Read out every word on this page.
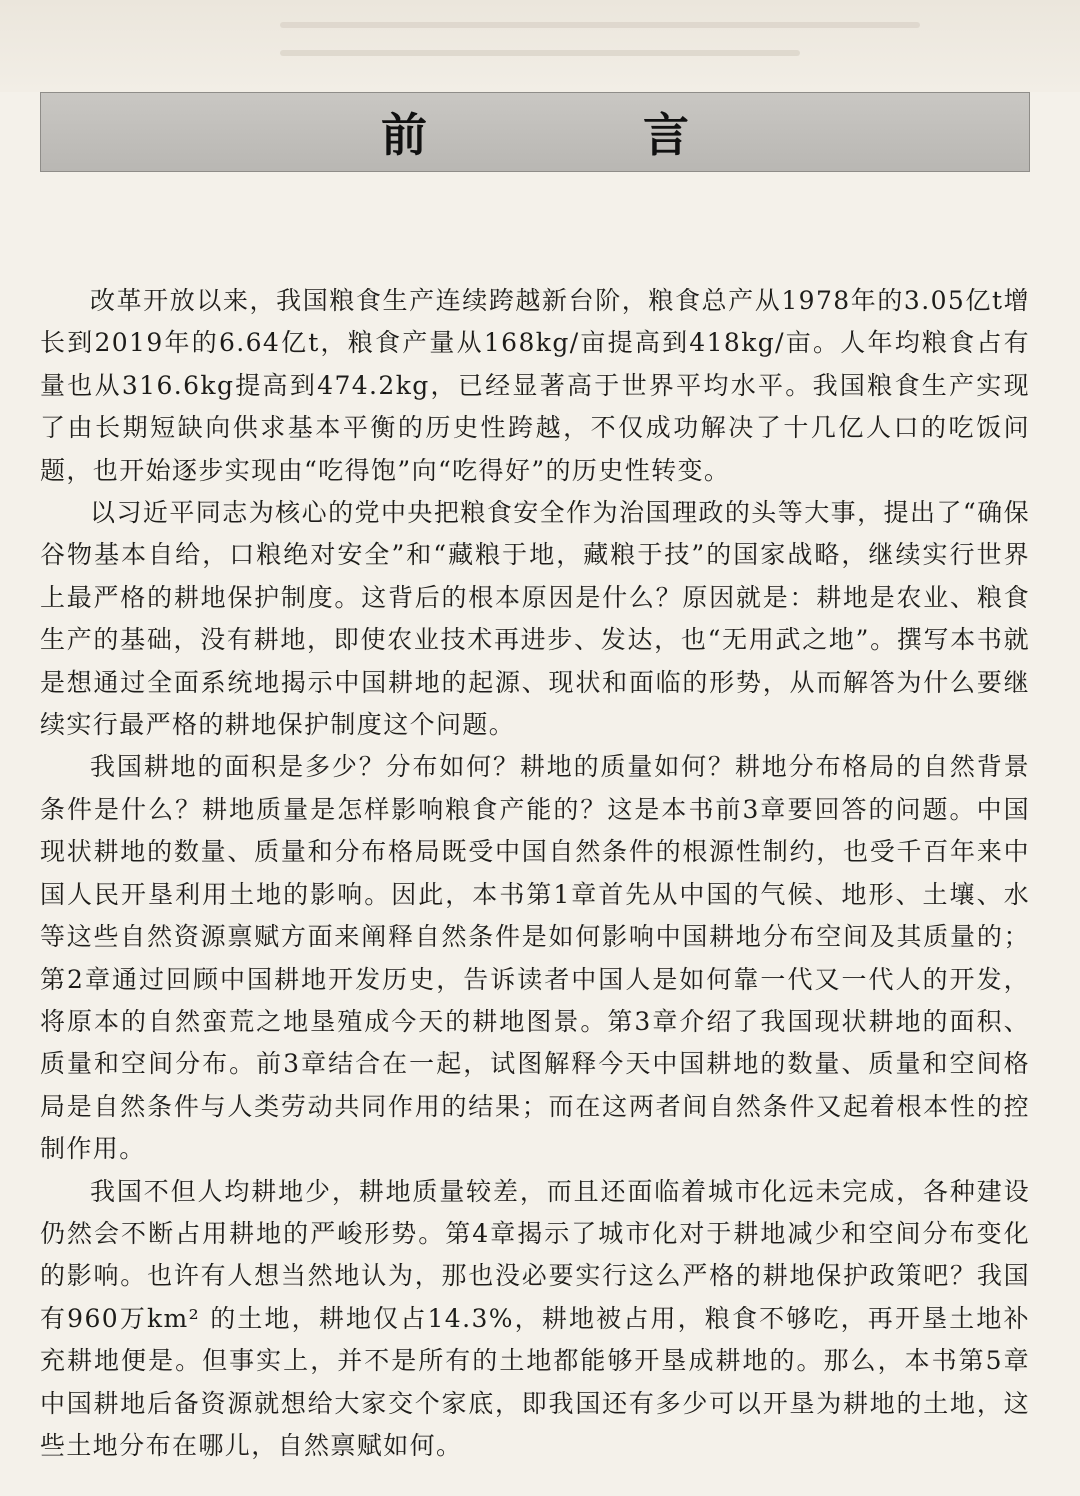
前 言

改革开放以来，我国粮食生产连续跨越新台阶，粮食总产从1978年的3.05亿t增长到2019年的6.64亿t，粮食产量从168kg/亩提高到418kg/亩。人年均粮食占有量也从316.6kg提高到474.2kg，已经显著高于世界平均水平。我国粮食生产实现了由长期短缺向供求基本平衡的历史性跨越，不仅成功解决了十几亿人口的吃饭问题，也开始逐步实现由“吃得饱”向“吃得好”的历史性转变。

以习近平同志为核心的党中央把粮食安全作为治国理政的头等大事，提出了“确保谷物基本自给，口粮绝对安全”和“藏粮于地，藏粮于技”的国家战略，继续实行世界上最严格的耕地保护制度。这背后的根本原因是什么？原因就是：耕地是农业、粮食生产的基础，没有耕地，即使农业技术再进步、发达，也“无用武之地”。撰写本书就是想通过全面系统地揭示中国耕地的起源、现状和面临的形势，从而解答为什么要继续实行最严格的耕地保护制度这个问题。

我国耕地的面积是多少？分布如何？耕地的质量如何？耕地分布格局的自然背景条件是什么？耕地质量是怎样影响粮食产能的？这是本书前3章要回答的问题。中国现状耕地的数量、质量和分布格局既受中国自然条件的根源性制约，也受千百年来中国人民开垦利用土地的影响。因此，本书第1章首先从中国的气候、地形、土壤、水等这些自然资源禀赋方面来阐释自然条件是如何影响中国耕地分布空间及其质量的；第2章通过回顾中国耕地开发历史，告诉读者中国人是如何靠一代又一代人的开发，将原本的自然蛮荒之地垦殖成今天的耕地图景。第3章介绍了我国现状耕地的面积、质量和空间分布。前3章结合在一起，试图解释今天中国耕地的数量、质量和空间格局是自然条件与人类劳动共同作用的结果；而在这两者间自然条件又起着根本性的控制作用。

我国不但人均耕地少，耕地质量较差，而且还面临着城市化远未完成，各种建设仍然会不断占用耕地的严峻形势。第4章揭示了城市化对于耕地减少和空间分布变化的影响。也许有人想当然地认为，那也没必要实行这么严格的耕地保护政策吧？我国有960万km² 的土地，耕地仅占14.3%，耕地被占用，粮食不够吃，再开垦土地补充耕地便是。但事实上，并不是所有的土地都能够开垦成耕地的。那么，本书第5章中国耕地后备资源就想给大家交个家底，即我国还有多少可以开垦为耕地的土地，这些土地分布在哪儿，自然禀赋如何。
